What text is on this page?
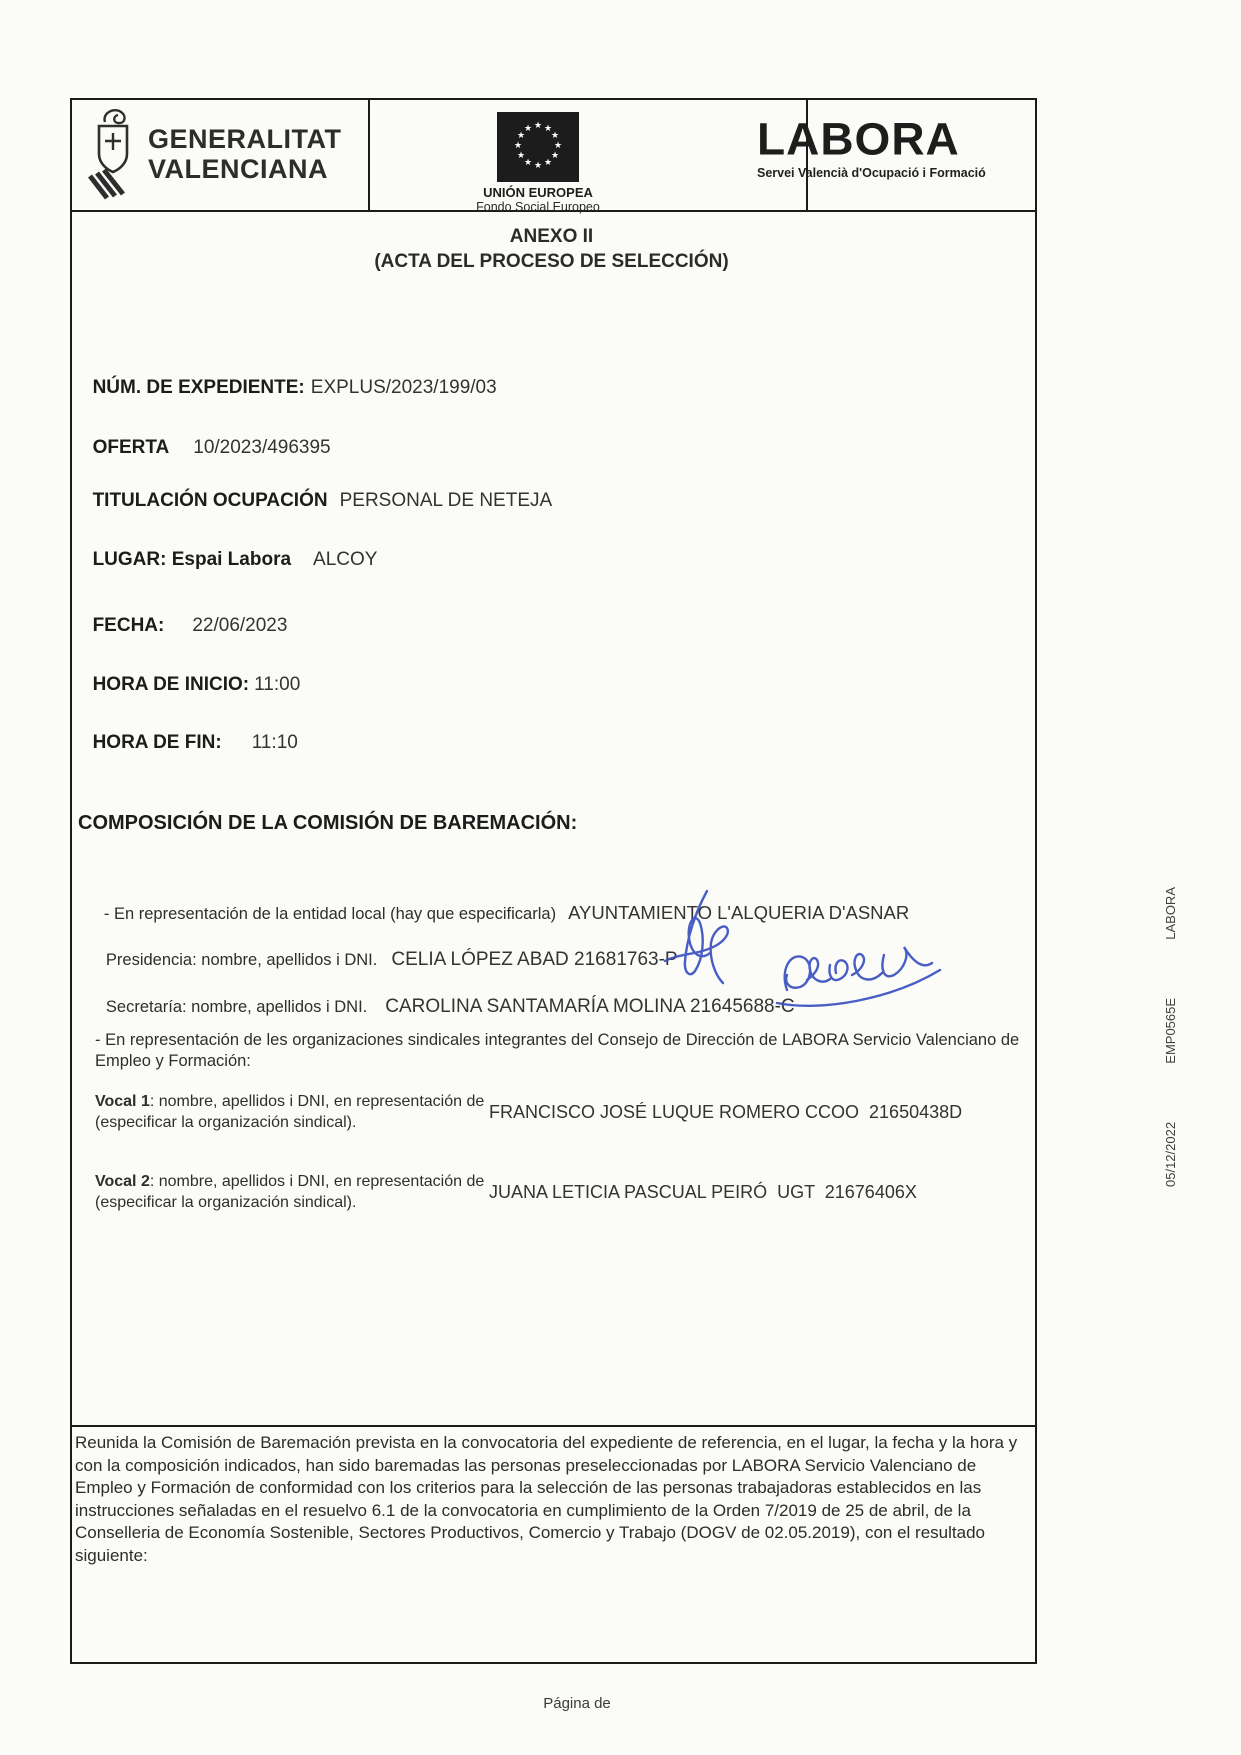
GENERALITAT
VALENCIANA
★ ★
★
★
★
★
★
★
★
★
★
★
UNIÓN EUROPEA
Fondo Social Europeo
LABORA
Servei Valencià d'Ocupació i Formació
ANEXO II
(ACTA DEL PROCESO DE SELECCIÓN)

NÚM. DE EXPEDIENTE: EXPLUS/2023/199/03

OFERTA 10/2023/496395

TITULACIÓN OCUPACIÓN PERSONAL DE NETEJA

LUGAR: Espai Labora ALCOY

FECHA: 22/06/2023

HORA DE INICIO: 11:00

HORA DE FIN: 11:10

COMPOSICIÓN DE LA COMISIÓN DE BAREMACIÓN:

- En representación de la entidad local (hay que especificarla) AYUNTAMIENTO L'ALQUERIA D'ASNAR

Presidencia: nombre, apellidos i DNI. CELIA LÓPEZ ABAD 21681763-P

Secretaría: nombre, apellidos i DNI. CAROLINA SANTAMARÍA MOLINA 21645688-C

- En representación de les organizaciones sindicales integrantes del Consejo de Dirección de LABORA Servicio Valenciano de Empleo y Formación:
Vocal 1: nombre, apellidos i DNI, en representación de (especificar la organización sindical).	FRANCISCO JOSÉ LUQUE ROMERO CCOO  21650438D
Vocal 2: nombre, apellidos i DNI, en representación de (especificar la organización sindical).	JUANA LETICIA PASCUAL PEIRÓ  UGT  21676406X
Reunida la Comisión de Baremación prevista en la convocatoria del expediente de referencia, en el lugar, la fecha y la hora y con la composición indicados, han sido baremadas las personas preseleccionadas por LABORA Servicio Valenciano de Empleo y Formación de conformidad con los criterios para la selección de las personas trabajadoras establecidos en las instrucciones señaladas en el resuelvo 6.1 de la convocatoria en cumplimiento de la Orden 7/2019 de 25 de abril, de la Conselleria de Economía Sostenible, Sectores Productivos, Comercio y Trabajo (DOGV de 02.05.2019), con el resultado siguiente:
Página de
05/12/2022
EMP0565E
LABORA
